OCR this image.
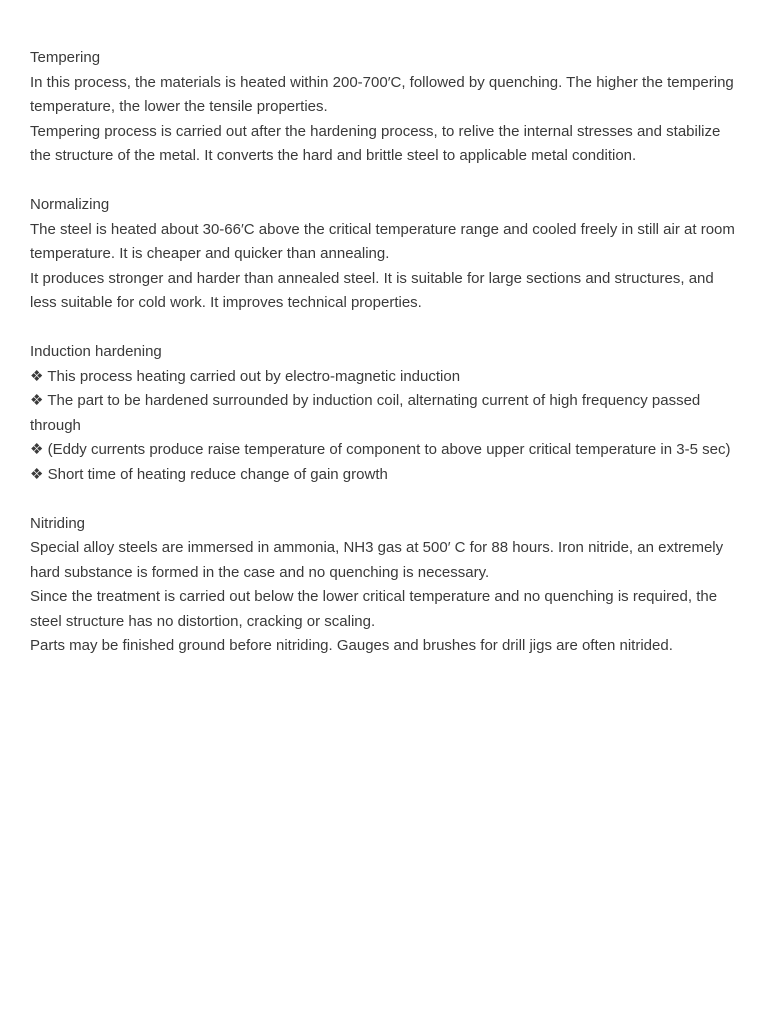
Tempering
In this process, the materials is heated within 200-700′C, followed by quenching. The higher the tempering temperature, the lower the tensile properties.
Tempering process is carried out after the hardening process, to relive the internal stresses and stabilize the structure of the metal. It converts the hard and brittle steel to applicable metal condition.
Normalizing
The steel is heated about 30-66′C above the critical temperature range and cooled freely in still air at room temperature. It is cheaper and quicker than annealing.
It produces stronger and harder than annealed steel. It is suitable for large sections and structures, and less suitable for cold work. It improves technical properties.
Induction hardening
❖ This process heating carried out by electro-magnetic induction
❖ The part to be hardened surrounded by induction coil, alternating current of high frequency passed through
❖ (Eddy currents produce raise temperature of component to above upper critical temperature in 3-5 sec)
❖ Short time of heating reduce change of gain growth
Nitriding
Special alloy steels are immersed in ammonia, NH3 gas at 500′ C for 88 hours. Iron nitride, an extremely hard substance is formed in the case and no quenching is necessary.
Since the treatment is carried out below the lower critical temperature and no quenching is required, the steel structure has no distortion, cracking or scaling.
Parts may be finished ground before nitriding. Gauges and brushes for drill jigs are often nitrided.
